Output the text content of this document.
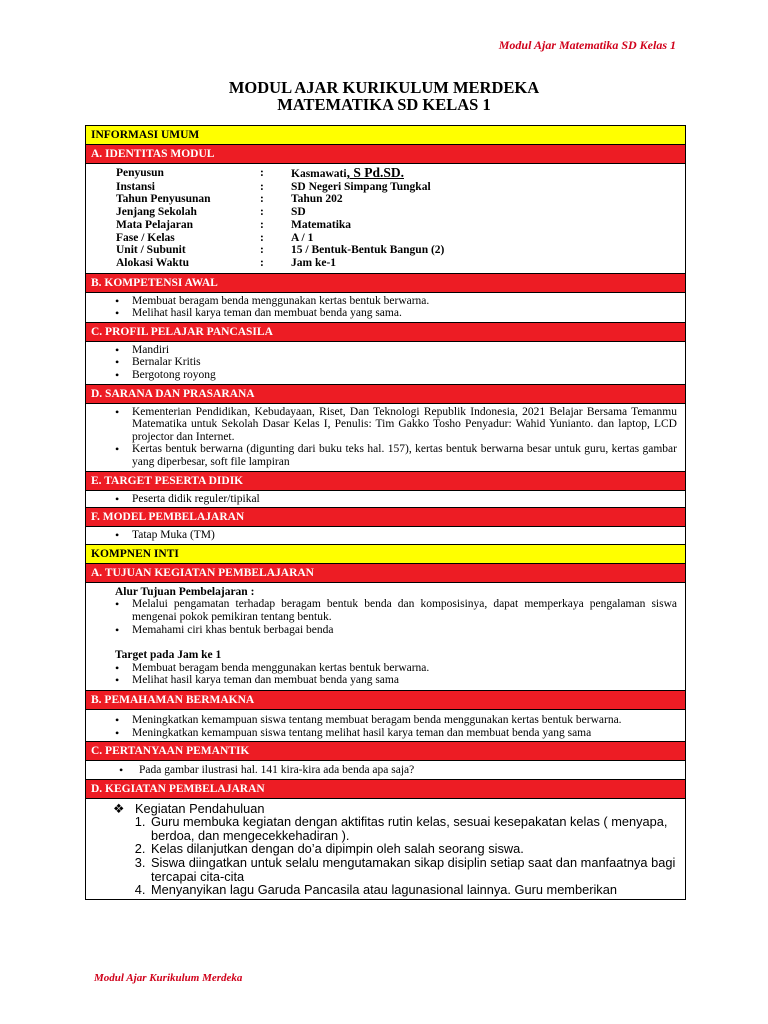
Modul Ajar Matematika SD Kelas 1
MODUL AJAR KURIKULUM MERDEKA
MATEMATIKA SD KELAS 1
INFORMASI UMUM
A. IDENTITAS MODUL
Penyusun	:	Kasmawati, S Pd.SD.
Instansi	:	SD Negeri Simpang Tungkal
Tahun Penyusunan	:	Tahun 202
Jenjang Sekolah	:	SD
Mata Pelajaran	:	Matematika
Fase / Kelas	:	A / 1
Unit / Subunit	:	15 / Bentuk-Bentuk Bangun (2)
Alokasi Waktu	:	Jam ke-1
B. KOMPETENSI AWAL
• Membuat beragam benda menggunakan kertas bentuk berwarna.
• Melihat hasil karya teman dan membuat benda yang sama.
C. PROFIL PELAJAR PANCASILA
• Mandiri
• Bernalar Kritis
• Bergotong royong
D. SARANA DAN PRASARANA
• Kementerian Pendidikan, Kebudayaan, Riset, Dan Teknologi Republik Indonesia, 2021 Belajar Bersama Temanmu Matematika untuk Sekolah Dasar Kelas I, Penulis: Tim Gakko Tosho Penyadur: Wahid Yunianto. dan laptop, LCD projector dan Internet.
• Kertas bentuk berwarna (digunting dari buku teks hal. 157), kertas bentuk berwarna besar untuk guru, kertas gambar yang diperbesar, soft file lampiran
E. TARGET PESERTA DIDIK
• Peserta didik reguler/tipikal
F. MODEL PEMBELAJARAN
• Tatap Muka (TM)
KOMPNEN INTI
A. TUJUAN KEGIATAN PEMBELAJARAN
Alur Tujuan Pembelajaran :
• Melalui pengamatan terhadap beragam bentuk benda dan komposisinya, dapat memperkaya pengalaman siswa mengenai pokok pemikiran tentang bentuk.
• Memahami ciri khas bentuk berbagai benda
Target pada Jam ke 1
• Membuat beragam benda menggunakan kertas bentuk berwarna.
• Melihat hasil karya teman dan membuat benda yang sama
B. PEMAHAMAN BERMAKNA
• Meningkatkan kemampuan siswa tentang membuat beragam benda menggunakan kertas bentuk berwarna.
• Meningkatkan kemampuan siswa tentang melihat hasil karya teman dan membuat benda yang sama
C. PERTANYAAN PEMANTIK
• Pada gambar ilustrasi hal. 141 kira-kira ada benda apa saja?
D. KEGIATAN PEMBELAJARAN
❖ Kegiatan Pendahuluan
1. Guru membuka kegiatan dengan aktifitas rutin kelas, sesuai kesepakatan kelas ( menyapa, berdoa, dan mengecekkehadiran ).
2. Kelas dilanjutkan dengan do’a dipimpin oleh salah seorang siswa.
3. Siswa diingatkan untuk selalu mengutamakan sikap disiplin setiap saat dan manfaatnya bagi tercapai cita-cita
4. Menyanyikan lagu Garuda Pancasila atau lagunasional lainnya. Guru memberikan
Modul Ajar Kurikulum Merdeka
